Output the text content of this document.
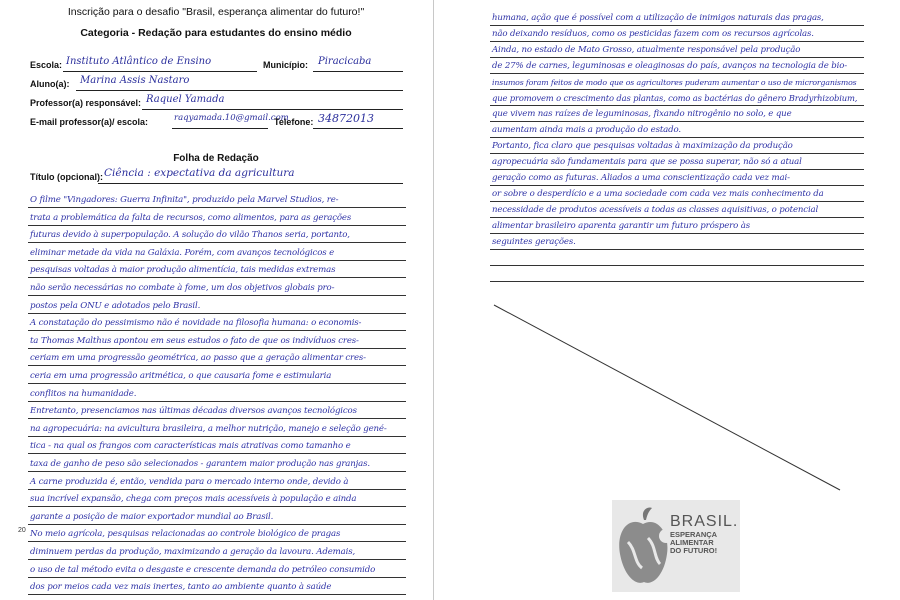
Inscrição para o desafio "Brasil, esperança alimentar do futuro!"
Categoria - Redação para estudantes do ensino médio
Escola: Instituto Atlântico de Ensino	Município: Piracicaba
Aluno(a): Marina Assis Nastaro
Professor(a) responsável: Raquel Yamada
E-mail professor(a)/ escola:	raqyamada.10@gmail.com
Telefone: 34872013
Folha de Redação
Título (opcional): Ciência : expectativa da agricultura
O filme "Vingadores: Guerra Infinita", produzido pela Marvel Studios, re-
trata a problemática da falta de recursos, como alimentos, para as gerações
futuras devido à superpopulação. A solução do vilão Thanos seria, portanto,
eliminar metade da vida na Galáxia. Porém, com avanços tecnológicos e
pesquisas voltadas à maior produção alimentícia, tais medidas extremas
não serão necessárias no combate à fome, um dos objetivos globais pro-
postos pela ONU e adotados pelo Brasil.
A constatação do pessimismo não é novidade na filosofia humana: o economis-
ta Thomas Malthus apontou em seus estudos o fato de que os indivíduos cres-
ceriam em uma progressão geométrica, ao passo que a geração alimentar cres-
ceria em uma progressão aritmética, o que causaria fome e estimularia
conflitos na humanidade.
Entretanto, presenciamos nas últimas décadas diversos avanços tecnológicos
na agropecuária: na avicultura brasileira, a melhor nutrição, manejo e seleção gené-
tica - na qual os frangos com características mais atrativas como tamanho e
taxa de ganho de peso são selecionados - garantem maior produção nas granjas.
A carne produzida é, então, vendida para o mercado interno onde, devido à
sua incrível expansão, chega com preços mais acessíveis à população e ainda
garante a posição de maior exportador mundial ao Brasil.
No meio agrícola, pesquisas relacionadas ao controle biológico de pragas
diminuem perdas da produção, maximizando a geração da lavoura. Ademais,
o uso de tal método evita o desgaste e crescente demanda do petróleo consumido
dos por meios cada vez mais inertes, tanto ao ambiente quanto à saúde
20
humana, ação que é possível com a utilização de inimigos naturais das pragas,
não deixando resíduos, como os pesticidas fazem com os recursos agrícolas.
Ainda, no estado de Mato Grosso, atualmente responsável pela produção
de 27% de carnes, leguminosas e oleaginosas do país, avanços na tecnologia de bio-
insumos foram feitos de modo que os agricultores puderam aumentar o uso de microrganismos
que promovem o crescimento das plantas, como as bactérias do gênero Bradyrhizobium,
que vivem nas raízes de leguminosas, fixando nitrogênio no solo, e que
aumentam ainda mais a produção do estado.
Portanto, fica claro que pesquisas voltadas à maximização da produção
agropecuária são fundamentais para que se possa superar, não só a atual
geração como as futuras. Aliados a uma conscientização cada vez mai-
or sobre o desperdício e a uma sociedade com cada vez mais conhecimento da
necessidade de produtos acessíveis a todas as classes aquisitivas, o potencial
alimentar brasileiro aparenta garantir um futuro próspero às
seguintes gerações.
BRASIL.
ESPERANÇA ALIMENTAR
DO FUTURO!
